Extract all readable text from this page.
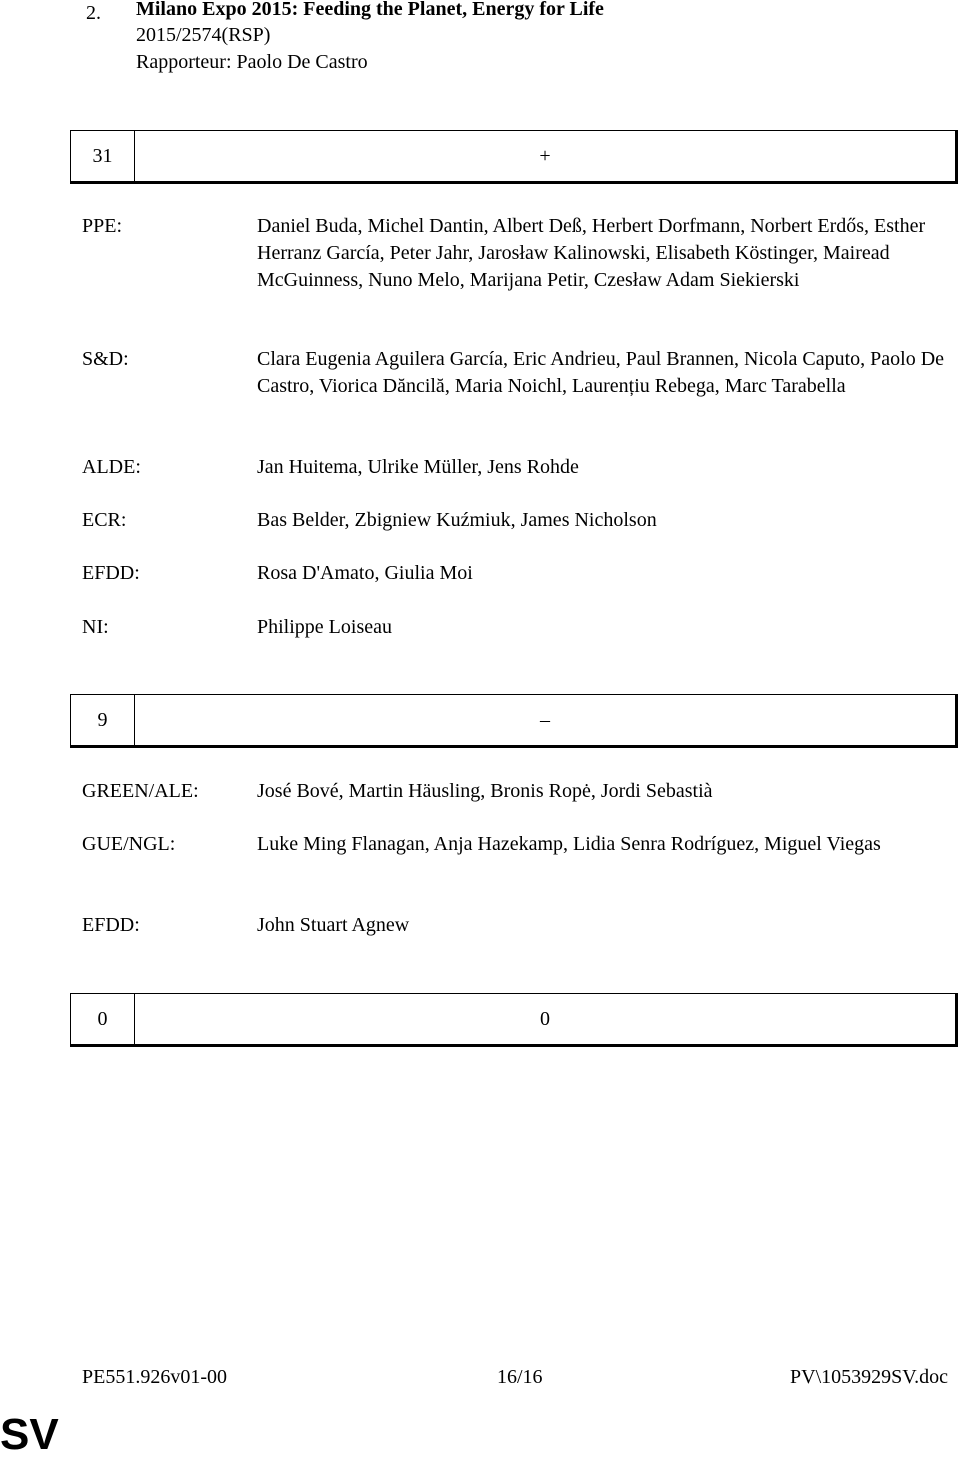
2. Milano Expo 2015: Feeding the Planet, Energy for Life
2015/2574(RSP)
Rapporteur: Paolo De Castro
31	+
PPE:	Daniel Buda, Michel Dantin, Albert Deß, Herbert Dorfmann, Norbert Erdős, Esther Herranz García, Peter Jahr, Jarosław Kalinowski, Elisabeth Köstinger, Mairead McGuinness, Nuno Melo, Marijana Petir, Czesław Adam Siekierski
S&D:	Clara Eugenia Aguilera García, Eric Andrieu, Paul Brannen, Nicola Caputo, Paolo De Castro, Viorica Dăncilă, Maria Noichl, Laurențiu Rebega, Marc Tarabella
ALDE:	Jan Huitema, Ulrike Müller, Jens Rohde
ECR:	Bas Belder, Zbigniew Kuźmiuk, James Nicholson
EFDD:	Rosa D'Amato, Giulia Moi
NI:	Philippe Loiseau
9	–
GREEN/ALE:	José Bové, Martin Häusling, Bronis Ropė, Jordi Sebastià
GUE/NGL:	Luke Ming Flanagan, Anja Hazekamp, Lidia Senra Rodríguez, Miguel Viegas
EFDD:	John Stuart Agnew
0	0
PE551.926v01-00	16/16	PV\1053929SV.doc
SV
